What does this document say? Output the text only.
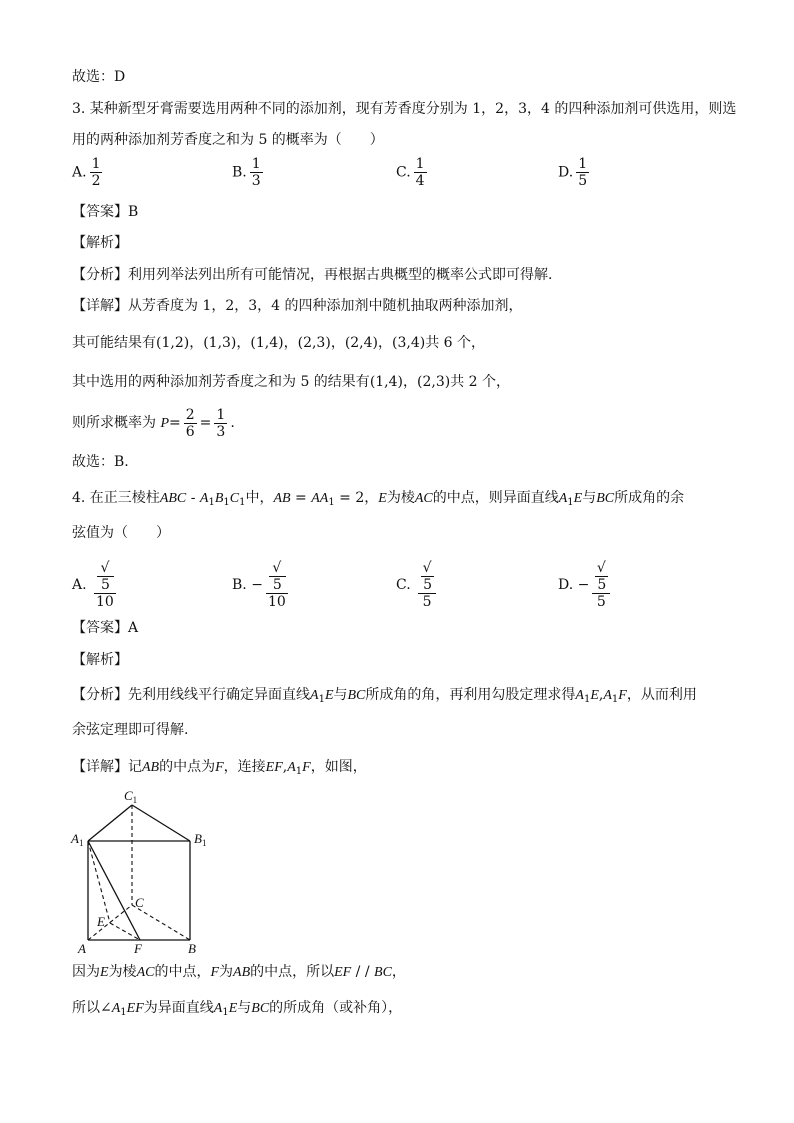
故选：D
3. 某种新型牙膏需要选用两种不同的添加剂，现有芳香度分别为 1，2，3，4 的四种添加剂可供选用，则选
用的两种添加剂芳香度之和为 5 的概率为（　　）
A. $\frac{1}{2}$	B. $\frac{1}{3}$	C. $\frac{1}{4}$	D. $\frac{1}{5}$
【答案】B
【解析】
【分析】利用列举法列出所有可能情况，再根据古典概型的概率公式即可得解.
【详解】从芳香度为 1，2，3，4 的四种添加剂中随机抽取两种添加剂，
其可能结果有(1,2)，(1,3)，(1,4)，(2,3)，(2,4)，(3,4)共 6 个，
其中选用的两种添加剂芳香度之和为 5 的结果有(1,4)，(2,3)共 2 个，
则所求概率为 $P= \frac{2}{6} = \frac{1}{3}$ .
故选：B.
4. 在正三棱柱ABC - $A_1B_1C_1$中，AB = $AA_1 = 2$，E为棱AC的中点，则异面直线$A_1E$与BC所成角的余
弦值为（　　）
A. √
5
10	B. − √
5
10	C. √
5
5	D. − √
5
5
【答案】A
【解析】
【分析】先利用线线平行确定异面直线$A_1E$与BC所成角的角，再利用勾股定理求得$A_1E,A_1F$，从而利用
余弦定理即可得解.
【详解】记AB的中点为F，连接$EF,A_1F$，如图，
$C_1$
$A_1$	$B_1$
C
E
A	F	B
因为E为棱AC的中点，F为AB的中点，所以EF / / BC，
所以$\angle A_1EF$为异面直线$A_1E$与BC的所成角（或补角），
